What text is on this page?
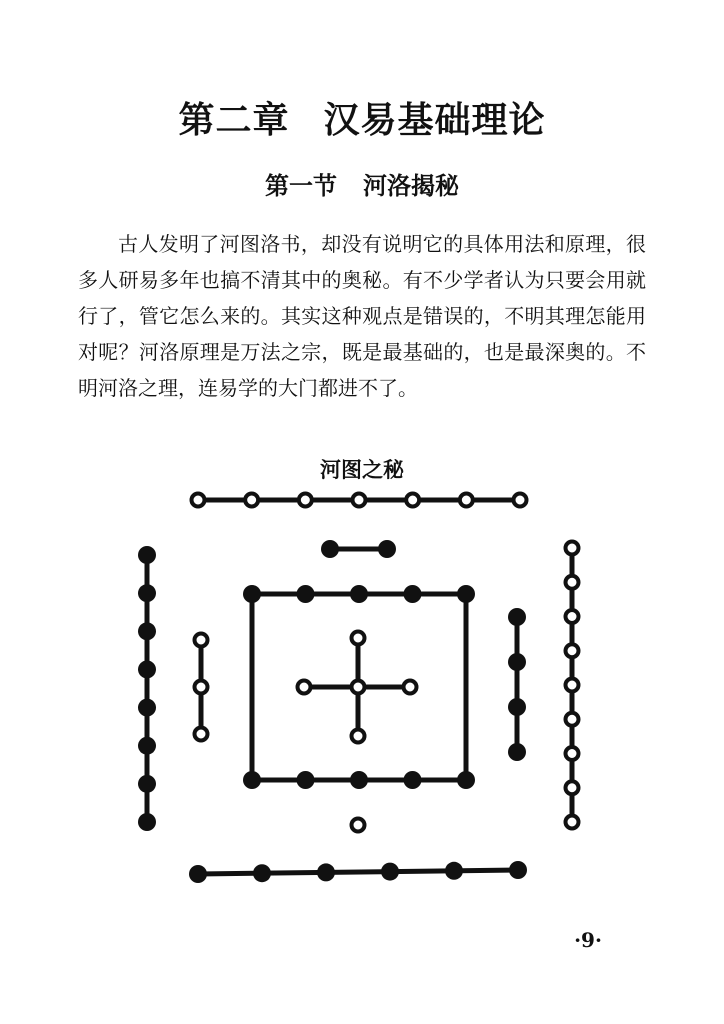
第二章 汉易基础理论
第一节 河洛揭秘

古人发明了河图洛书，却没有说明它的具体用法和原理，很多人研易多年也搞不清其中的奥秘。有不少学者认为只要会用就行了，管它怎么来的。其实这种观点是错误的，不明其理怎能用对呢？河洛原理是万法之宗，既是最基础的，也是最深奥的。不明河洛之理，连易学的大门都进不了。

河图之秘
·9·
